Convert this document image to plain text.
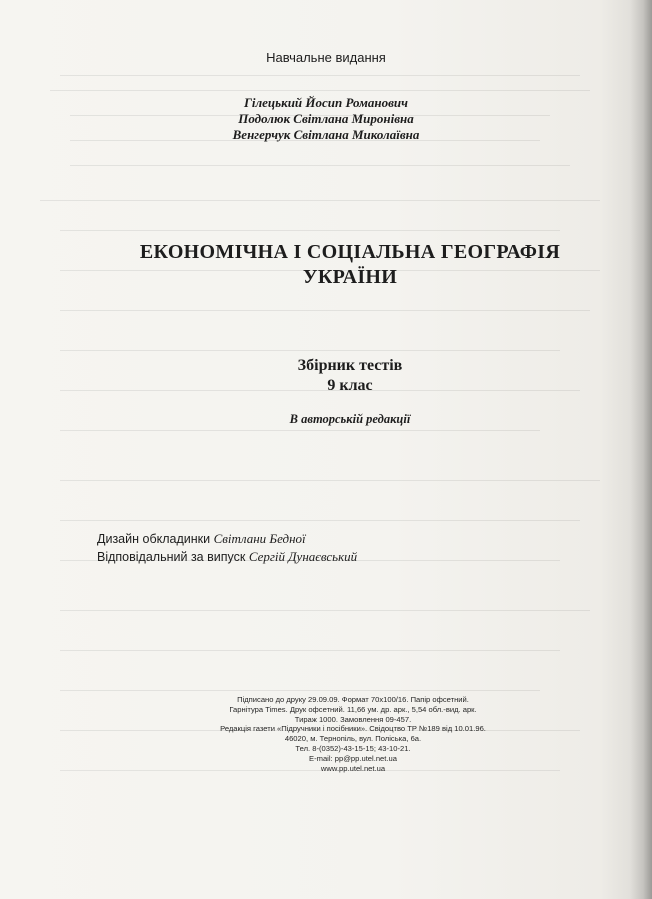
Навчальне видання
Гілецький Йосип Романович
Подолюк Світлана Миронівна
Венгерчук Світлана Миколаївна
ЕКОНОМІЧНА І СОЦІАЛЬНА ГЕОГРАФІЯ
УКРАЇНИ
Збірник тестів
9 клас
В авторській редакції
Дизайн обкладинки Світлани Бедної
Відповідальний за випуск Сергій Дунаєвський
Підписано до друку 29.09.09. Формат 70х100/16. Папір офсетний.
Гарнітура Times. Друк офсетний. 11,66 ум. др. арк., 5,54 обл.-вид. арк.
Тираж 1000. Замовлення 09-457.
Редакція газети «Підручники і посібники». Свідоцтво ТР №189 від 10.01.96.
46020, м. Тернопіль, вул. Поліська, 6а.
Тел. 8-(0352)-43-15-15; 43-10-21.
E-mail: pp@pp.utel.net.ua
www.pp.utel.net.ua
